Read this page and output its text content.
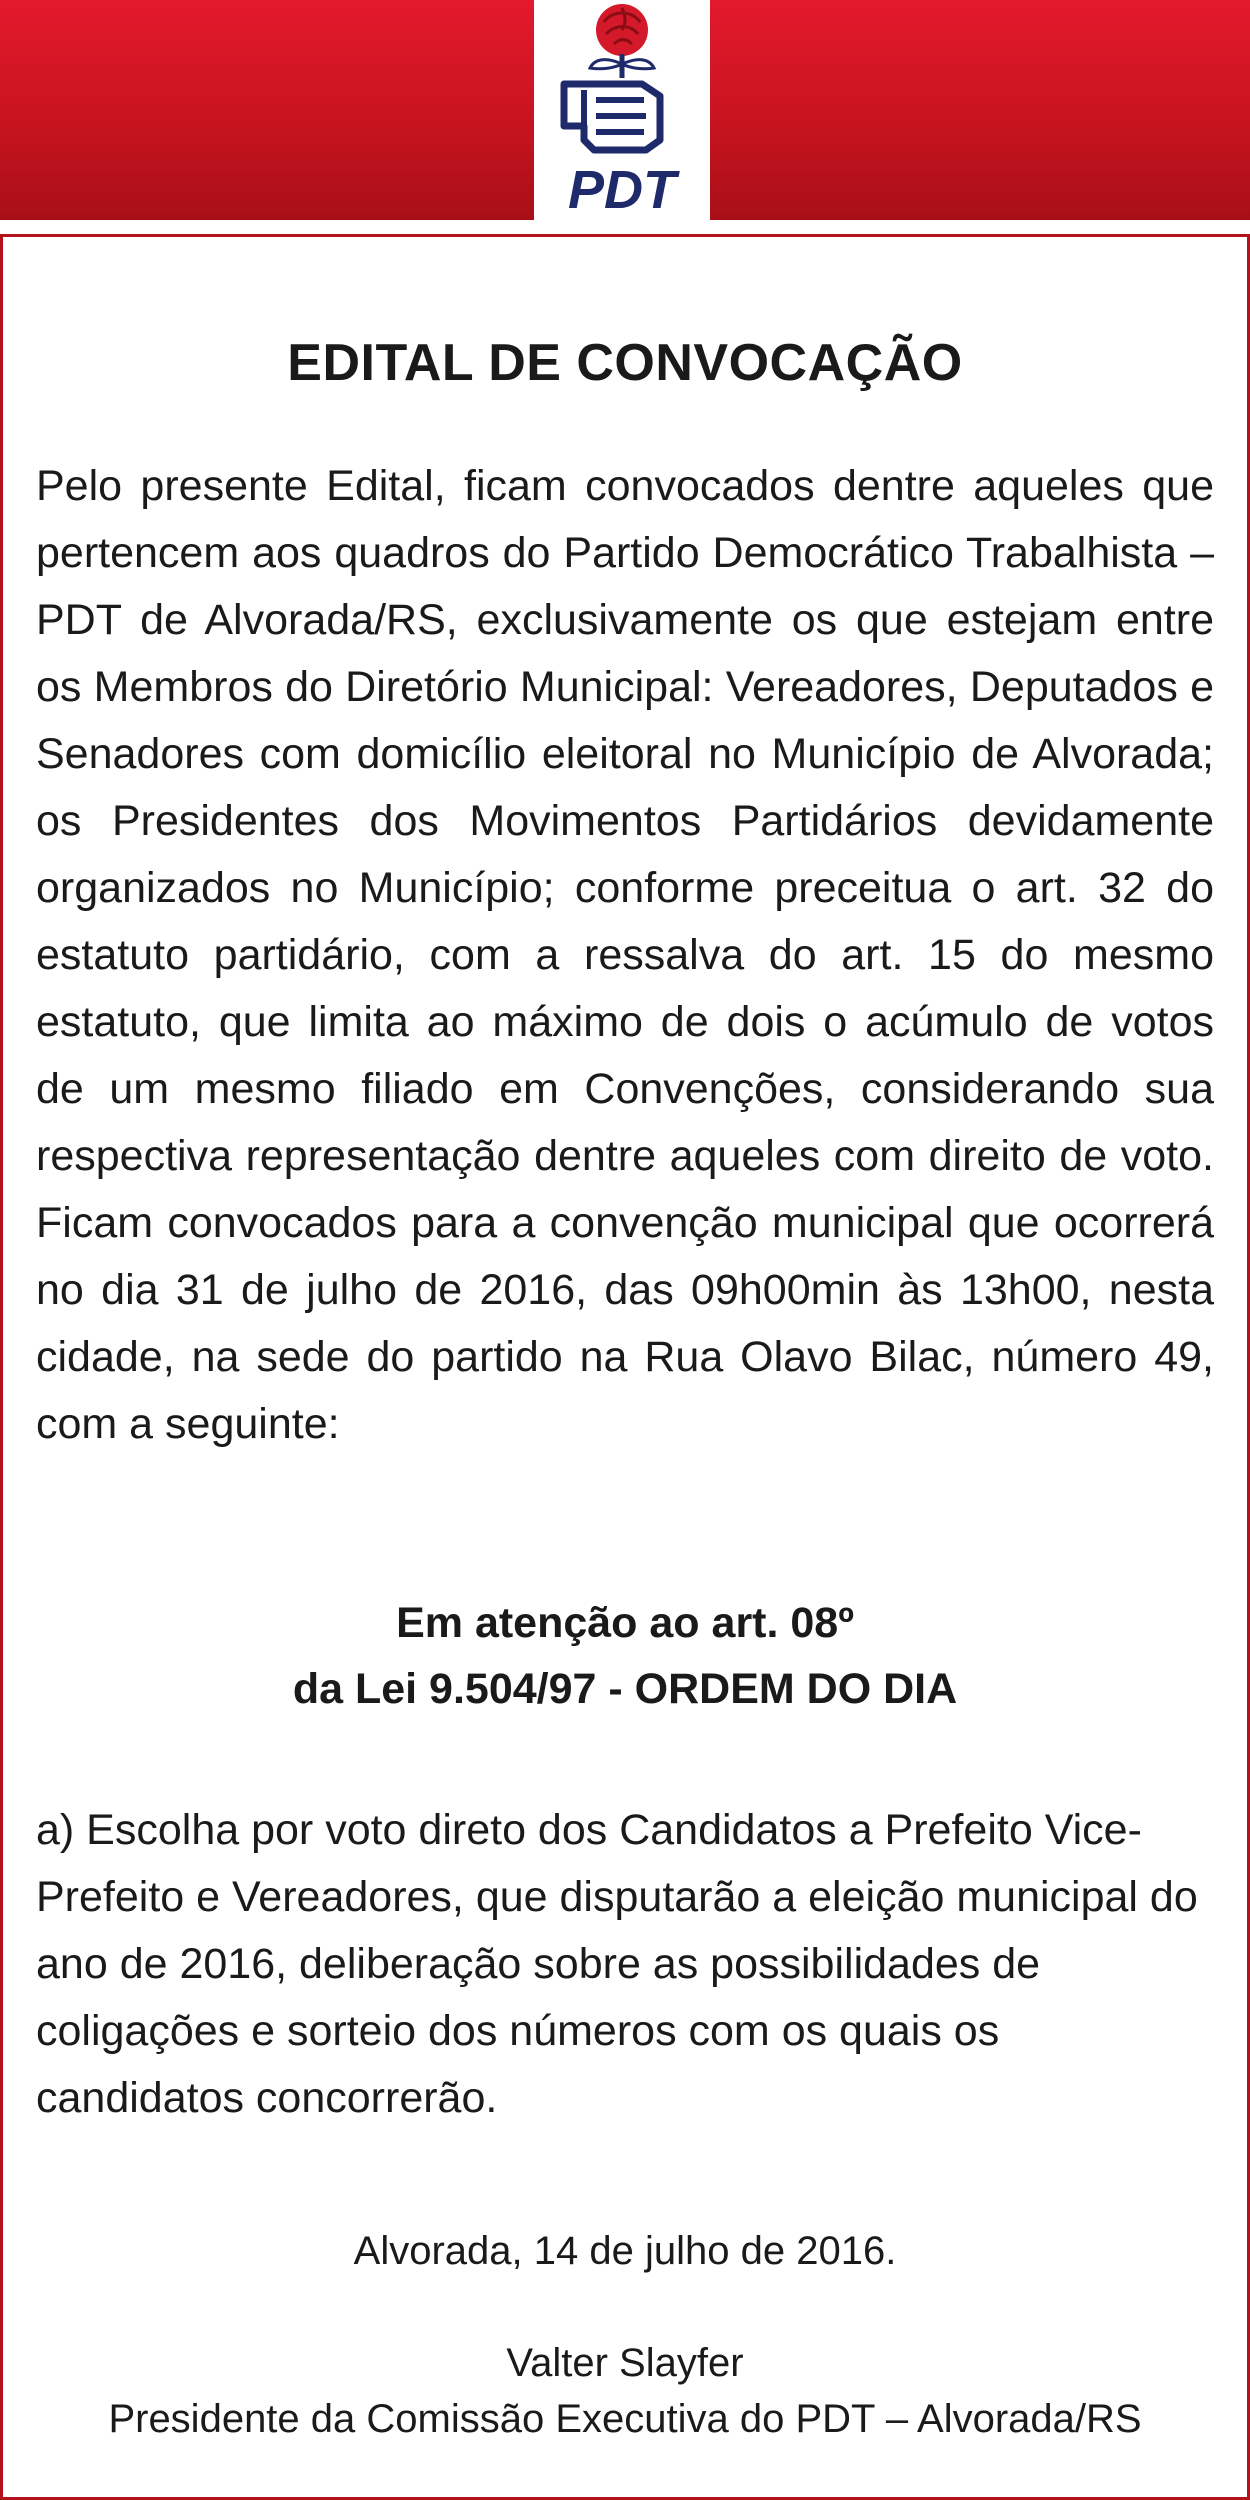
PDT
EDITAL DE CONVOCAÇÃO

Pelo presente Edital, ficam convocados dentre aqueles que pertencem aos quadros do Partido Democrático Trabalhista – PDT de Alvorada/RS, exclusivamente os que estejam entre os Membros do Diretório Municipal: Vereadores, Deputados e Senadores com domicílio eleitoral no Município de Alvorada; os Presidentes dos Movimentos Partidários devidamente organizados no Município; conforme preceitua o art. 32 do estatuto partidário, com a ressalva do art. 15 do mesmo estatuto, que limita ao máximo de dois o acúmulo de votos de um mesmo filiado em Convenções, considerando sua respectiva representação dentre aqueles com direito de voto. Ficam convocados para a convenção municipal que ocorrerá no dia 31 de julho de 2016, das 09h00min às 13h00, nesta cidade, na sede do partido na Rua Olavo Bilac, número 49, com a seguinte:

Em atenção ao art. 08º
da Lei 9.504/97 - ORDEM DO DIA

a) Escolha por voto direto dos Candidatos a Prefeito Vice-Prefeito e Vereadores, que disputarão a eleição municipal do ano de 2016, deliberação sobre as possibilidades de coligações e sorteio dos números com os quais os candidatos concorrerão.

Alvorada, 14 de julho de 2016.

Valter Slayfer
Presidente da Comissão Executiva do PDT – Alvorada/RS
